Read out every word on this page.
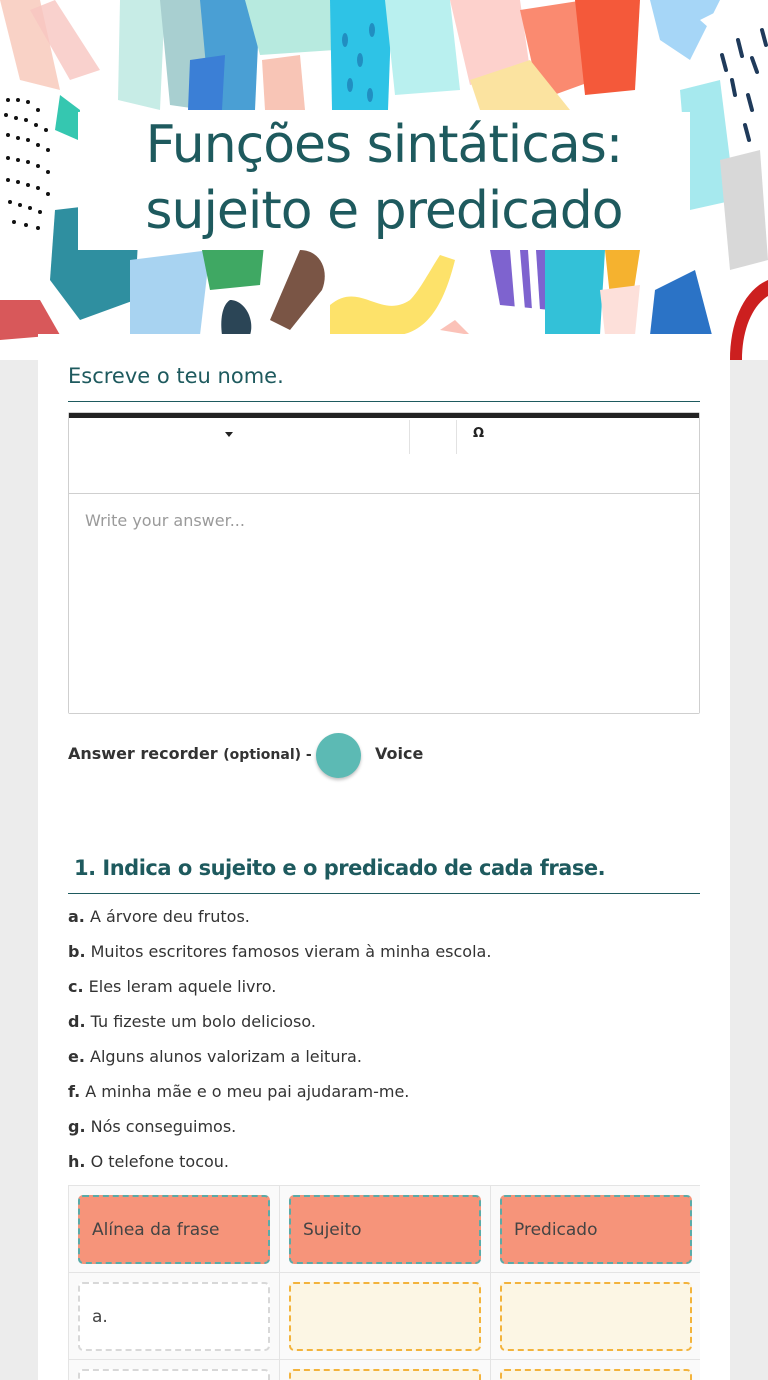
Funções sintáticas:
sujeito e predicado
Escreve o teu nome.
Ω
Write your answer...
Answer recorder (optional) -	Voice
1. Indica o sujeito e o predicado de cada frase.
a. A árvore deu frutos.
b. Muitos escritores famosos vieram à minha escola.
c. Eles leram aquele livro.
d. Tu fizeste um bolo delicioso.
e. Alguns alunos valorizam a leitura.
f. A minha mãe e o meu pai ajudaram-me.
g. Nós conseguimos.
h. O telefone tocou.
Alínea da frase	Sujeito	Predicado
a.
